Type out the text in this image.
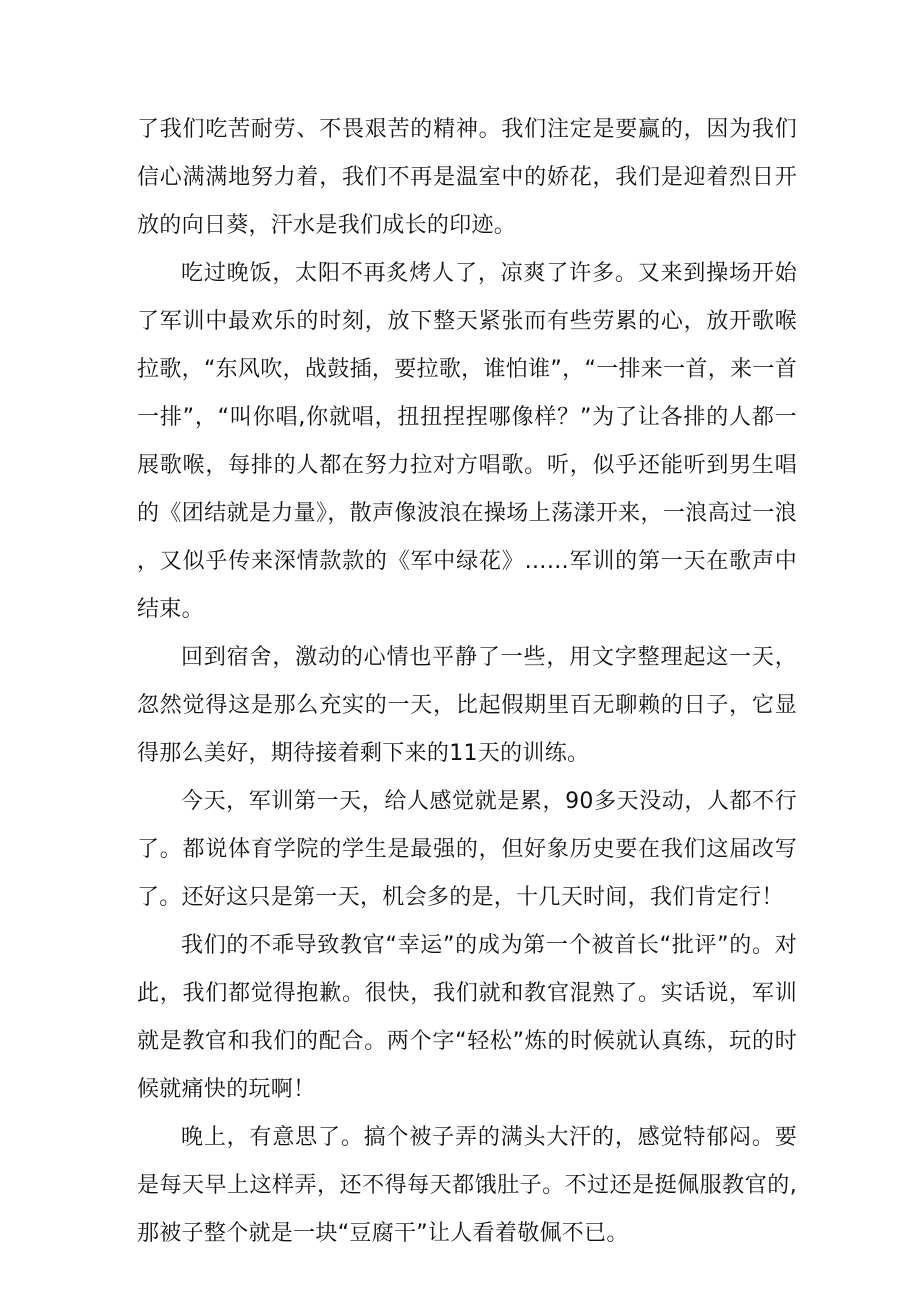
了我们吃苦耐劳、不畏艰苦的精神。我们注定是要赢的，因为我们信心满满地努力着，我们不再是温室中的娇花，我们是迎着烈日开放的向日葵，汗水是我们成长的印迹。

吃过晚饭，太阳不再炙烤人了，凉爽了许多。又来到操场开始了军训中最欢乐的时刻，放下整天紧张而有些劳累的心，放开歌喉拉歌，“东风吹，战鼓插，要拉歌，谁怕谁”，“一排来一首，来一首一排”，“叫你唱,你就唱，扭扭捏捏哪像样？”为了让各排的人都一展歌喉，每排的人都在努力拉对方唱歌。听，似乎还能听到男生唱的《团结就是力量》，散声像波浪在操场上荡漾开来，一浪高过一浪，又似乎传来深情款款的《军中绿花》……军训的第一天在歌声中结束。

回到宿舍，激动的心情也平静了一些，用文字整理起这一天，忽然觉得这是那么充实的一天，比起假期里百无聊赖的日子，它显得那么美好，期待接着剩下来的11天的训练。

今天，军训第一天，给人感觉就是累，90多天没动，人都不行了。都说体育学院的学生是最强的，但好象历史要在我们这届改写了。还好这只是第一天，机会多的是，十几天时间，我们肯定行！

我们的不乖导致教官“幸运”的成为第一个被首长“批评”的。对此，我们都觉得抱歉。很快，我们就和教官混熟了。实话说，军训就是教官和我们的配合。两个字“轻松”炼的时候就认真练，玩的时候就痛快的玩啊！

晚上，有意思了。搞个被子弄的满头大汗的，感觉特郁闷。要是每天早上这样弄，还不得每天都饿肚子。不过还是挺佩服教官的,那被子整个就是一块“豆腐干”让人看着敬佩不已。
